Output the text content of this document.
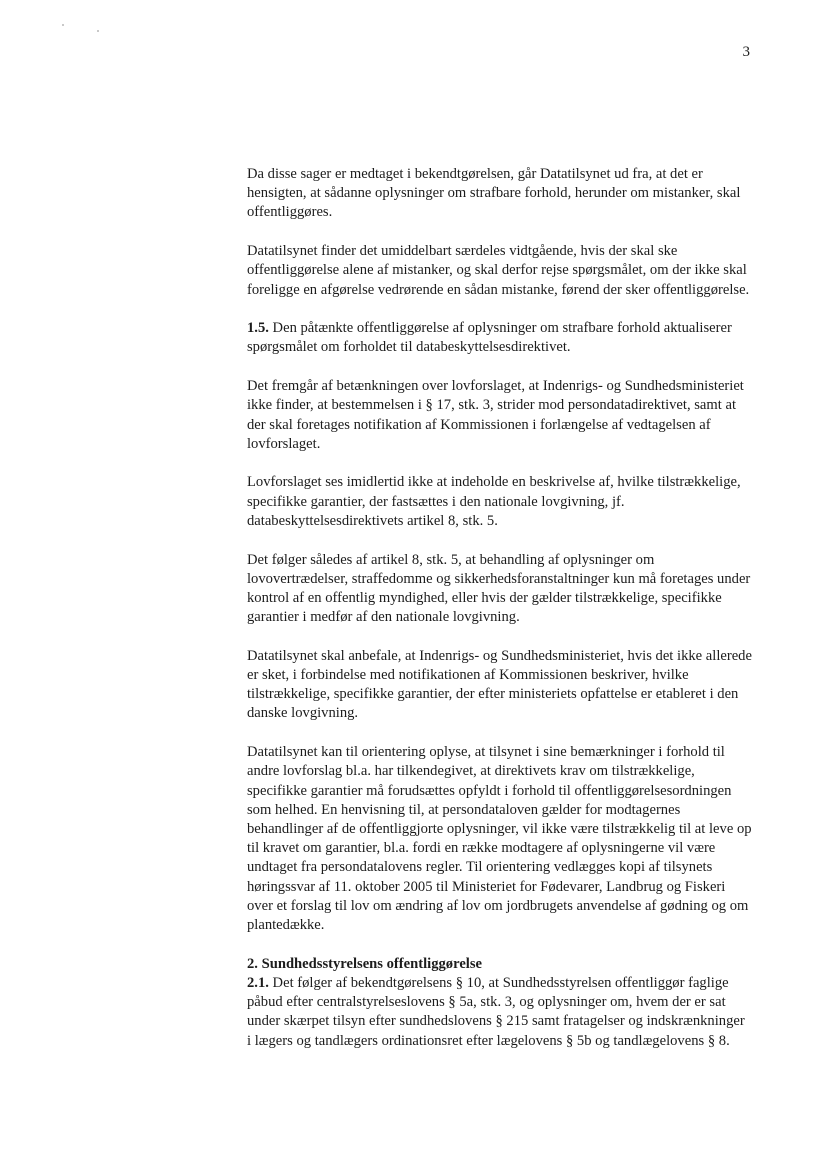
3

Da disse sager er medtaget i bekendtgørelsen, går Datatilsynet ud fra, at det er hensigten, at sådanne oplysninger om strafbare forhold, herunder om mistanker, skal offentliggøres.

Datatilsynet finder det umiddelbart særdeles vidtgående, hvis der skal ske offentliggørelse alene af mistanker, og skal derfor rejse spørgsmålet, om der ikke skal foreligge en afgørelse vedrørende en sådan mistanke, førend der sker offentliggørelse.

1.5. Den påtænkte offentliggørelse af oplysninger om strafbare forhold aktualiserer spørgsmålet om forholdet til databeskyttelsesdirektivet.

Det fremgår af betænkningen over lovforslaget, at Indenrigs- og Sundhedsministeriet ikke finder, at bestemmelsen i § 17, stk. 3, strider mod persondatadirektivet, samt at der skal foretages notifikation af Kommissionen i forlængelse af vedtagelsen af lovforslaget.

Lovforslaget ses imidlertid ikke at indeholde en beskrivelse af, hvilke tilstrækkelige, specifikke garantier, der fastsættes i den nationale lovgivning, jf. databeskyttelsesdirektivets artikel 8, stk. 5.

Det følger således af artikel 8, stk. 5, at behandling af oplysninger om lovovertrædelser, straffedomme og sikkerhedsforanstaltninger kun må foretages under kontrol af en offentlig myndighed, eller hvis der gælder tilstrækkelige, specifikke garantier i medfør af den nationale lovgivning.

Datatilsynet skal anbefale, at Indenrigs- og Sundhedsministeriet, hvis det ikke allerede er sket, i forbindelse med notifikationen af Kommissionen beskriver, hvilke tilstrækkelige, specifikke garantier, der efter ministeriets opfattelse er etableret i den danske lovgivning.

Datatilsynet kan til orientering oplyse, at tilsynet i sine bemærkninger i forhold til andre lovforslag bl.a. har tilkendegivet, at direktivets krav om tilstrækkelige, specifikke garantier må forudsættes opfyldt i forhold til offentliggørelsesordningen som helhed. En henvisning til, at persondataloven gælder for modtagernes behandlinger af de offentliggjorte oplysninger, vil ikke være tilstrækkelig til at leve op til kravet om garantier, bl.a. fordi en række modtagere af oplysningerne vil være undtaget fra persondatalovens regler. Til orientering vedlægges kopi af tilsynets høringssvar af 11. oktober 2005 til Ministeriet for Fødevarer, Landbrug og Fiskeri over et forslag til lov om ændring af lov om jordbrugets anvendelse af gødning og om plantedække.

2. Sundhedsstyrelsens offentliggørelse

2.1. Det følger af bekendtgørelsens § 10, at Sundhedsstyrelsen offentliggør faglige påbud efter centralstyrelseslovens § 5a, stk. 3, og oplysninger om, hvem der er sat under skærpet tilsyn efter sundhedslovens § 215 samt fratagelser og indskrænkninger i lægers og tandlægers ordinationsret efter lægelovens § 5b og tandlægelovens § 8.
